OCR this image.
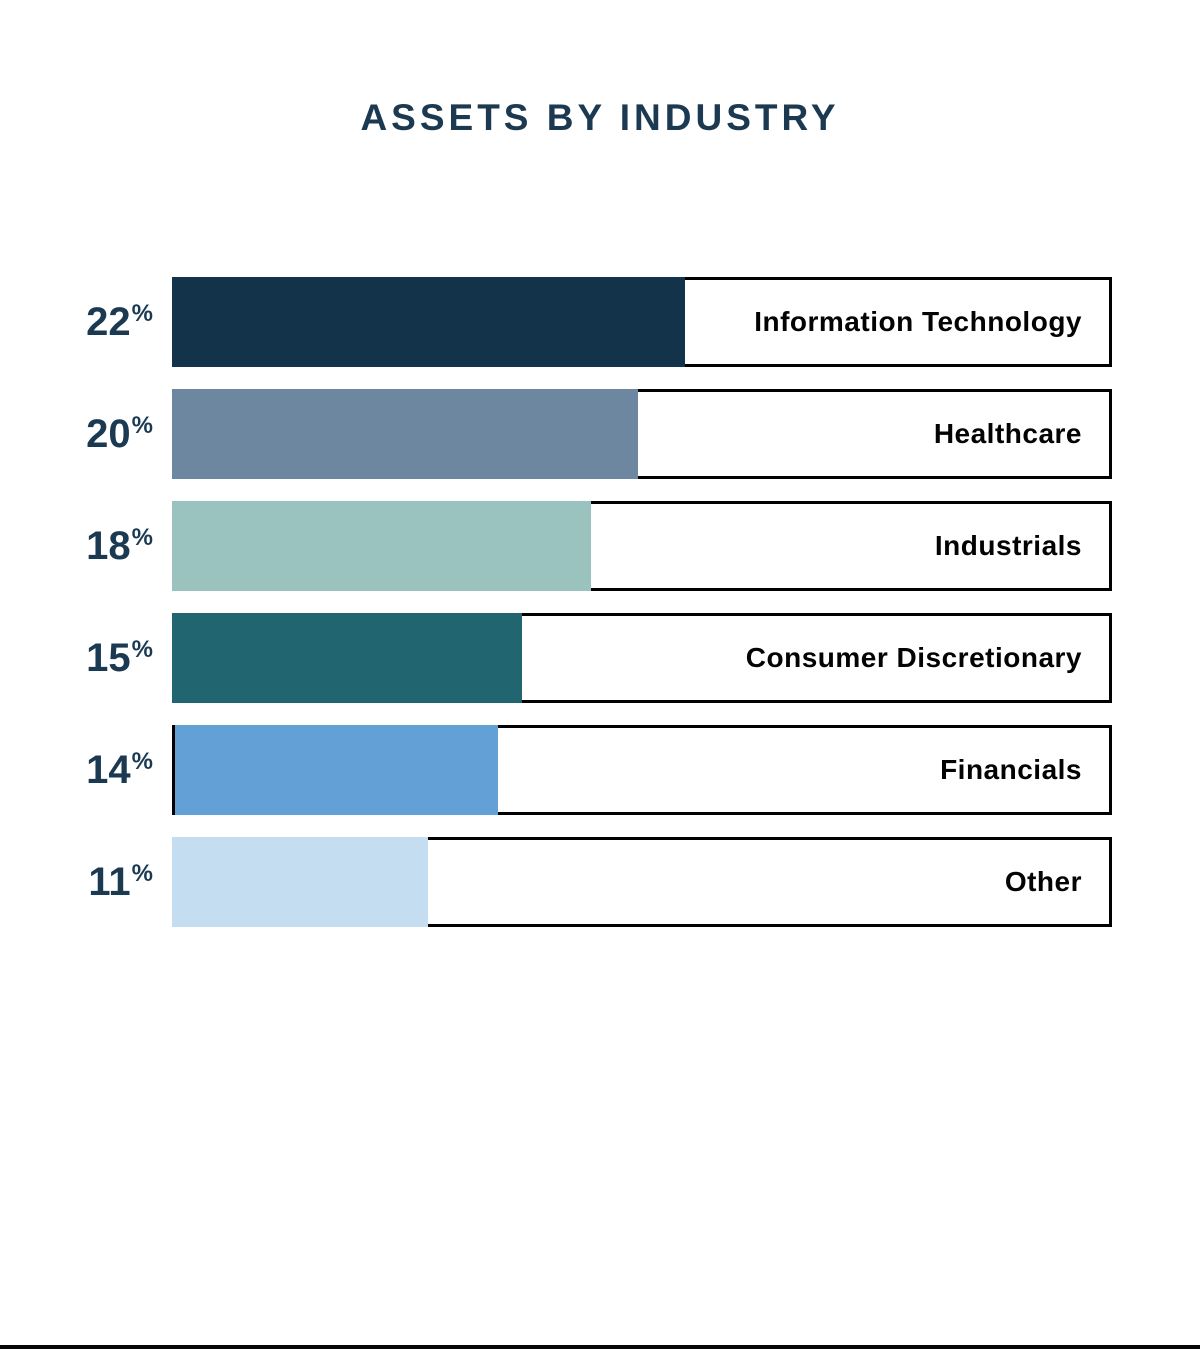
ASSETS BY INDUSTRY
22 %	Information Technology
20 %	Healthcare
18 %	Industrials
15 %	Consumer Discretionary
14 %	Financials
11 %	Other
